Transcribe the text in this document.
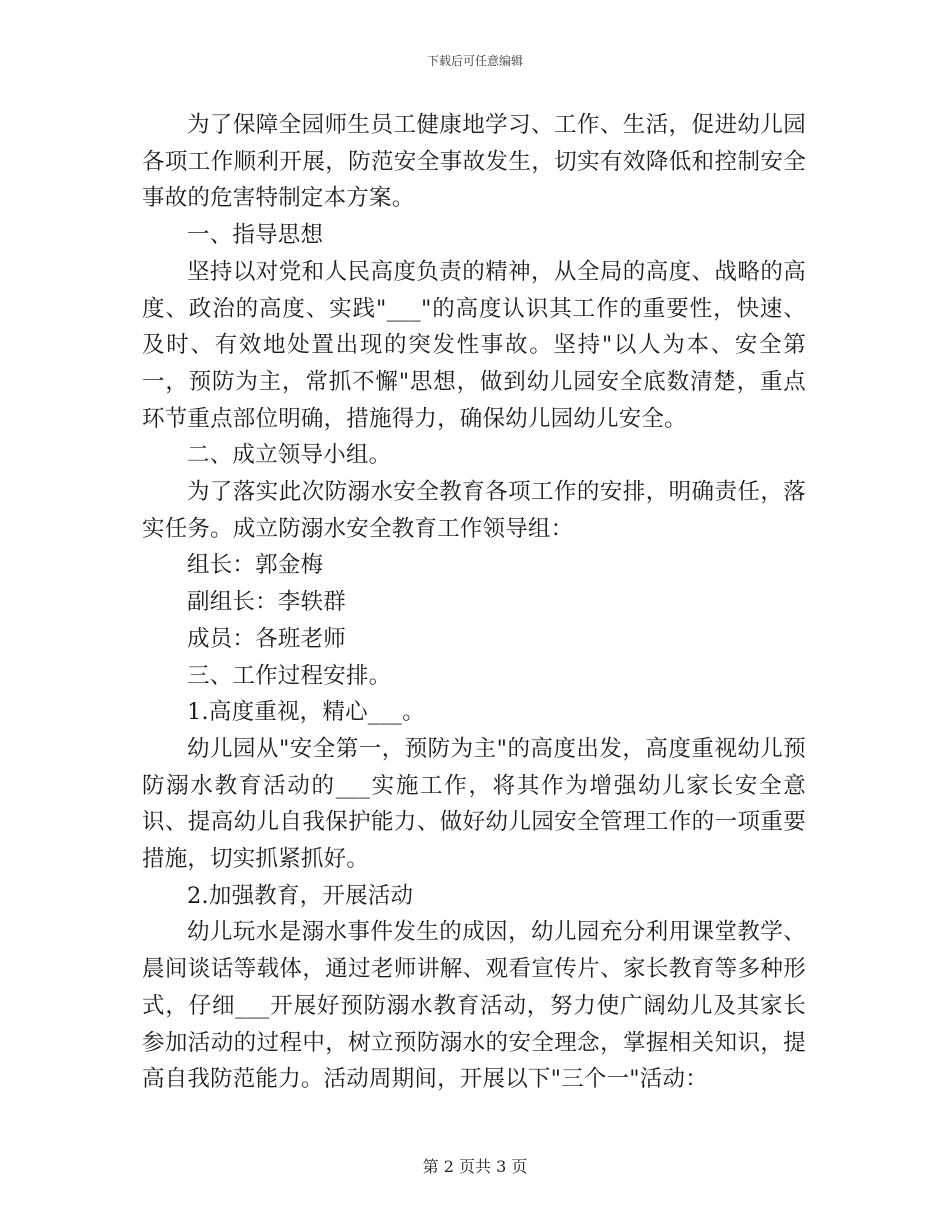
下载后可任意编辑

为了保障全园师生员工健康地学习、工作、生活，促进幼儿园各项工作顺利开展，防范安全事故发生，切实有效降低和控制安全事故的危害特制定本方案。

一、指导思想

坚持以对党和人民高度负责的精神，从全局的高度、战略的高度、政治的高度、实践"___"的高度认识其工作的重要性，快速、及时、有效地处置出现的突发性事故。坚持"以人为本、安全第一，预防为主，常抓不懈"思想，做到幼儿园安全底数清楚，重点环节重点部位明确，措施得力，确保幼儿园幼儿安全。

二、成立领导小组。

为了落实此次防溺水安全教育各项工作的安排，明确责任，落实任务。成立防溺水安全教育工作领导组：

组长：郭金梅

副组长：李轶群

成员：各班老师

三、工作过程安排。

1.高度重视，精心___。

幼儿园从"安全第一，预防为主"的高度出发，高度重视幼儿预防溺水教育活动的___实施工作，将其作为增强幼儿家长安全意识、提高幼儿自我保护能力、做好幼儿园安全管理工作的一项重要措施，切实抓紧抓好。

2.加强教育，开展活动

幼儿玩水是溺水事件发生的成因，幼儿园充分利用课堂教学、晨间谈话等载体，通过老师讲解、观看宣传片、家长教育等多种形式，仔细___开展好预防溺水教育活动，努力使广阔幼儿及其家长参加活动的过程中，树立预防溺水的安全理念，掌握相关知识，提高自我防范能力。活动周期间，开展以下"三个一"活动：

第 2 页共 3 页
